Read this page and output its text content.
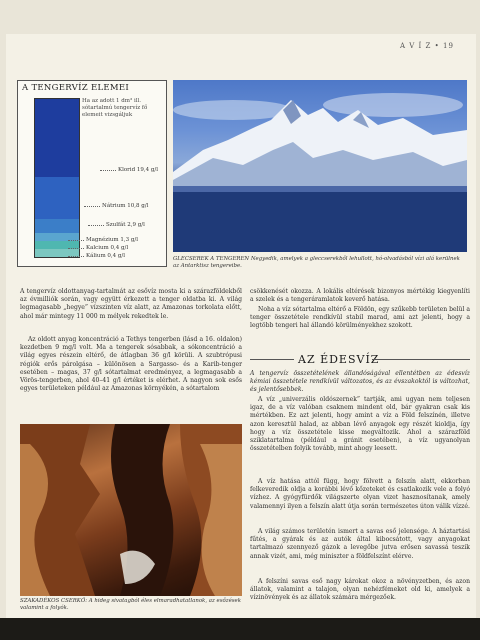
A V Í Z • 19
A TENGERVÍZ ELEMEI
Ha az adott 1 dm³ ill. sótartalmú tengervíz fő elemeit vizsgáljuk
Klorid 19,4 g/l
Nátrium 10,8 g/l
Szulfát 2,9 g/l
Magnézium 1,3 g/l
Kalcium 0,4 g/l
Kálium 0,4 g/l	GLECSEREK A TENGEREN Negyedik, amelyek a gleccserekből lehullott, hó-olvadásból vízi alá kerülnek az Antarktisz tengereibe.
A tengervíz oldottanyag-tartalmát az esővíz mosta ki a szárazföldekből az évmilliók során, vagy együtt érkezett a tenger oldatba ki. A világ legmagasabb „hegye” vízszinten víz alatt, az Amazonas torkolata előtt, ahol már mintegy 11 000 m mélyek rekedtek le.
Az oldott anyag koncentráció a Tethys tengerben (lásd a 16. oldalon) kezdetben 9 mg/l volt. Ma a tengerek sósabbak, a sókoncentráció a világ egyes részein eltérő, de átlagban 36 g/l körüli. A szubtrópusi régiók erős párolgása – különösen a Sargasso- és a Karib-tenger esetében – magas, 37 g/l sótartalmat eredményez, a legmagasabb a Vörös-tengerben, ahol 40–41 g/l értéket is elérhet. A nagyon sok esős egyes területeken például az Amazonas környékén, a sótartalom
SZAKADÉKOS CSERKŐ: A hideg sivatagból éles elmaradhatatlanok, az esőzések valamint a folyók.
csökkenését okozza. A lokális eltérések bizonyos mértékig kiegyenlíti a szelek és a tengeráramlatok keverő hatása.
Noha a víz sótartalma eltérő a Földön, egy szűkebb területen belül a tenger összetétele rendkívül stabil marad, ami azt jelenti, hogy a legtöbb tengeri hal állandó körülményekhez szokott.
AZ ÉDESVÍZ
A tengervíz összetételének állandóságával ellentétben az édesvíz kémiai összetétele rendkívül változatos, és az évszakoktól is változhat, és jelentősebbek.
A víz „univerzális oldószernek” tartják, ami ugyan nem teljesen igaz, de a víz valóban csaknem mindent old, bár gyakran csak kis mértékben. Ez azt jelenti, hogy amint a víz a Föld felszínén, illetve azon keresztül halad, az abban lévő anyagok egy részét kioldja, így hogy a víz összetétele kisse megváltozik. Ahol a szárazföld sziklatartalma (például a gránit esetében), a víz ugyanolyan összetételben folyik tovább, mint ahogy leesett.
A víz hatása attól függ, hogy fölvett a felszín alatt, ekkorban felkeveredik oldja a korábbi lévő kőzeteket és csatlakozik vele a folyó vízhez. A gyógyfürdők világszerte olyan vizet hasznosítanak, amely valamennyi ilyen a felszín alatt útja során természetes úton válik vízzé.
A világ számos területén ismert a savas eső jelensége. A háztartási fűtés, a gyárak és az autók által kibocsátott, vagy anyagokat tartalmazó szennyező gázok a levegőbe jutva erősen savassá teszik annak vizét, ami, még miniszter a földfelszínt elérve.
A felszíni savas eső nagy károkat okoz a növényzetben, és azon állatok, valamint a talajon, olyan nehézfémeket old ki, amelyek a vízinövények és az állatok számára mérgezőek.
